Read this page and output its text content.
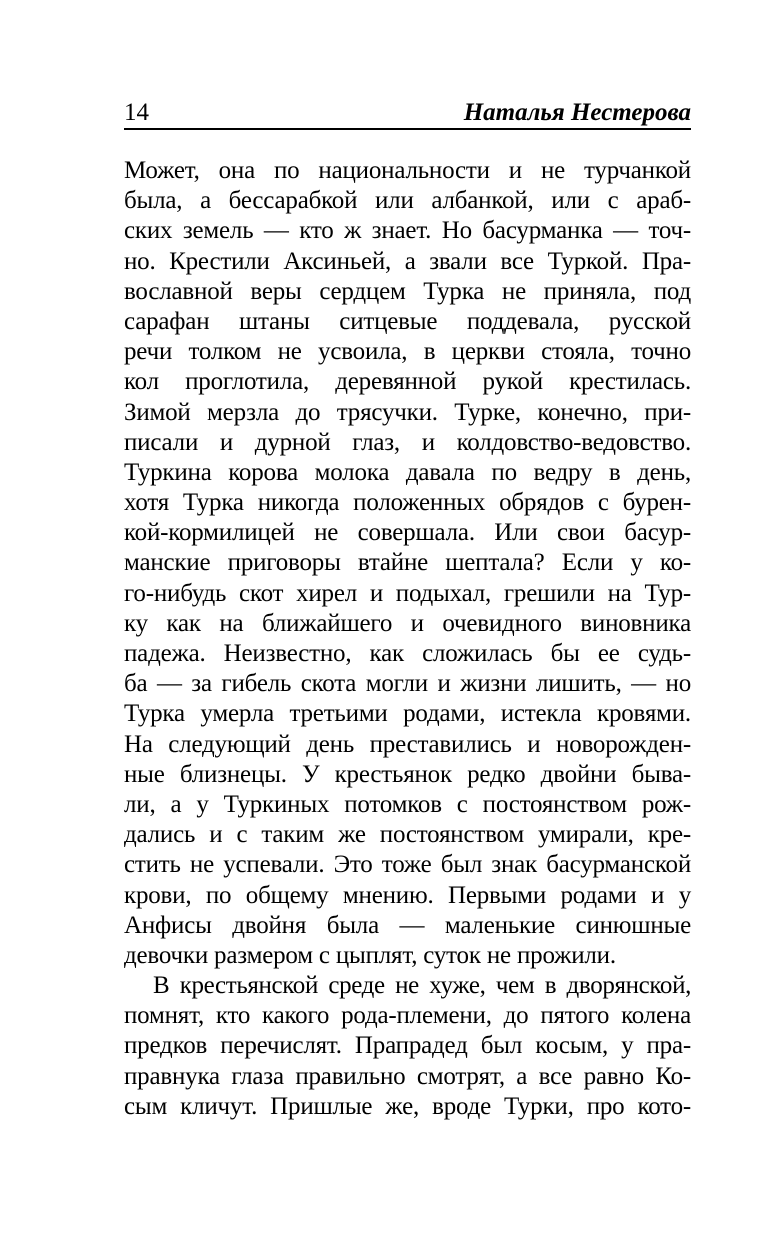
14	Наталья Нестерова
Может, она по национальности и не турчанкой
была, а бессарабкой или албанкой, или с араб-
ских земель — кто ж знает. Но басурманка — точ-
но. Крестили Аксиньей, а звали все Туркой. Пра-
вославной веры сердцем Турка не приняла, под
сарафан штаны ситцевые поддевала, русской
речи толком не усвоила, в церкви стояла, точно
кол проглотила, деревянной рукой крестилась.
Зимой мерзла до трясучки. Турке, конечно, при-
писали и дурной глаз, и колдовство-ведовство.
Туркина корова молока давала по ведру в день,
хотя Турка никогда положенных обрядов с бурен-
кой-кормилицей не совершала. Или свои басур-
манские приговоры втайне шептала? Если у ко-
го-нибудь скот хирел и подыхал, грешили на Тур-
ку как на ближайшего и очевидного виновника
падежа. Неизвестно, как сложилась бы ее судь-
ба — за гибель скота могли и жизни лишить, — но
Турка умерла третьими родами, истекла кровями.
На следующий день преставились и новорожден-
ные близнецы. У крестьянок редко двойни быва-
ли, а у Туркиных потомков с постоянством рож-
дались и с таким же постоянством умирали, кре-
стить не успевали. Это тоже был знак басурманской
крови, по общему мнению. Первыми родами и у
Анфисы двойня была — маленькие синюшные
девочки размером с цыплят, суток не прожили.
В крестьянской среде не хуже, чем в дворянской,
помнят, кто какого рода-племени, до пятого колена
предков перечислят. Прапрадед был косым, у пра-
правнука глаза правильно смотрят, а все равно Ко-
сым кличут. Пришлые же, вроде Турки, про кото-
